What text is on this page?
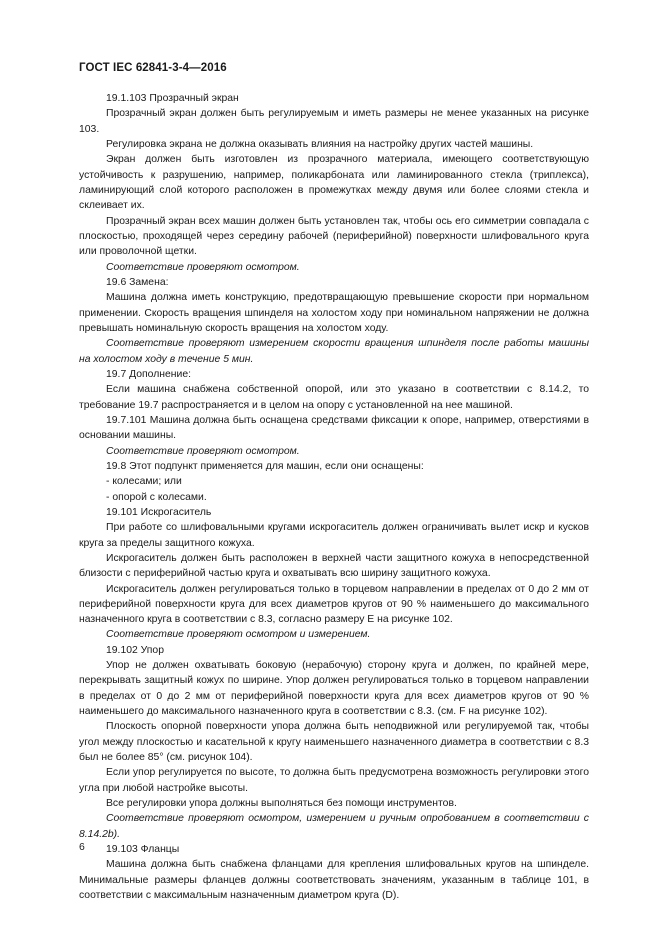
ГОСТ IEC 62841-3-4—2016

19.1.103 Прозрачный экран

Прозрачный экран должен быть регулируемым и иметь размеры не менее указанных на рисунке 103.

Регулировка экрана не должна оказывать влияния на настройку других частей машины.

Экран должен быть изготовлен из прозрачного материала, имеющего соответствующую устойчивость к разрушению, например, поликарбоната или ламинированного стекла (триплекса), ламинирующий слой которого расположен в промежутках между двумя или более слоями стекла и склеивает их.

Прозрачный экран всех машин должен быть установлен так, чтобы ось его симметрии совпадала с плоскостью, проходящей через середину рабочей (периферийной) поверхности шлифовального круга или проволочной щетки.

Соответствие проверяют осмотром.

19.6 Замена:

Машина должна иметь конструкцию, предотвращающую превышение скорости при нормальном применении. Скорость вращения шпинделя на холостом ходу при номинальном напряжении не должна превышать номинальную скорость вращения на холостом ходу.

Соответствие проверяют измерением скорости вращения шпинделя после работы машины на холостом ходу в течение 5 мин.

19.7 Дополнение:

Если машина снабжена собственной опорой, или это указано в соответствии с 8.14.2, то требование 19.7 распространяется и в целом на опору с установленной на нее машиной.

19.7.101 Машина должна быть оснащена средствами фиксации к опоре, например, отверстиями в основании машины.

Соответствие проверяют осмотром.

19.8 Этот подпункт применяется для машин, если они оснащены:

- колесами; или

- опорой с колесами.

19.101 Искрогаситель

При работе со шлифовальными кругами искрогаситель должен ограничивать вылет искр и кусков круга за пределы защитного кожуха.

Искрогаситель должен быть расположен в верхней части защитного кожуха в непосредственной близости с периферийной частью круга и охватывать всю ширину защитного кожуха.

Искрогаситель должен регулироваться только в торцевом направлении в пределах от 0 до 2 мм от периферийной поверхности круга для всех диаметров кругов от 90 % наименьшего до максимального назначенного круга в соответствии с 8.3, согласно размеру E на рисунке 102.

Соответствие проверяют осмотром и измерением.

19.102 Упор

Упор не должен охватывать боковую (нерабочую) сторону круга и должен, по крайней мере, перекрывать защитный кожух по ширине. Упор должен регулироваться только в торцевом направлении в пределах от 0 до 2 мм от периферийной поверхности круга для всех диаметров кругов от 90 % наименьшего до максимального назначенного круга в соответствии с 8.3. (см. F на рисунке 102).

Плоскость опорной поверхности упора должна быть неподвижной или регулируемой так, чтобы угол между плоскостью и касательной к кругу наименьшего назначенного диаметра в соответствии с 8.3 был не более 85° (см. рисунок 104).

Если упор регулируется по высоте, то должна быть предусмотрена возможность регулировки этого угла при любой настройке высоты.

Все регулировки упора должны выполняться без помощи инструментов.

Соответствие проверяют осмотром, измерением и ручным опробованием в соответствии с 8.14.2b).

19.103 Фланцы

Машина должна быть снабжена фланцами для крепления шлифовальных кругов на шпинделе. Минимальные размеры фланцев должны соответствовать значениям, указанным в таблице 101, в соответствии с максимальным назначенным диаметром круга (D).

6
